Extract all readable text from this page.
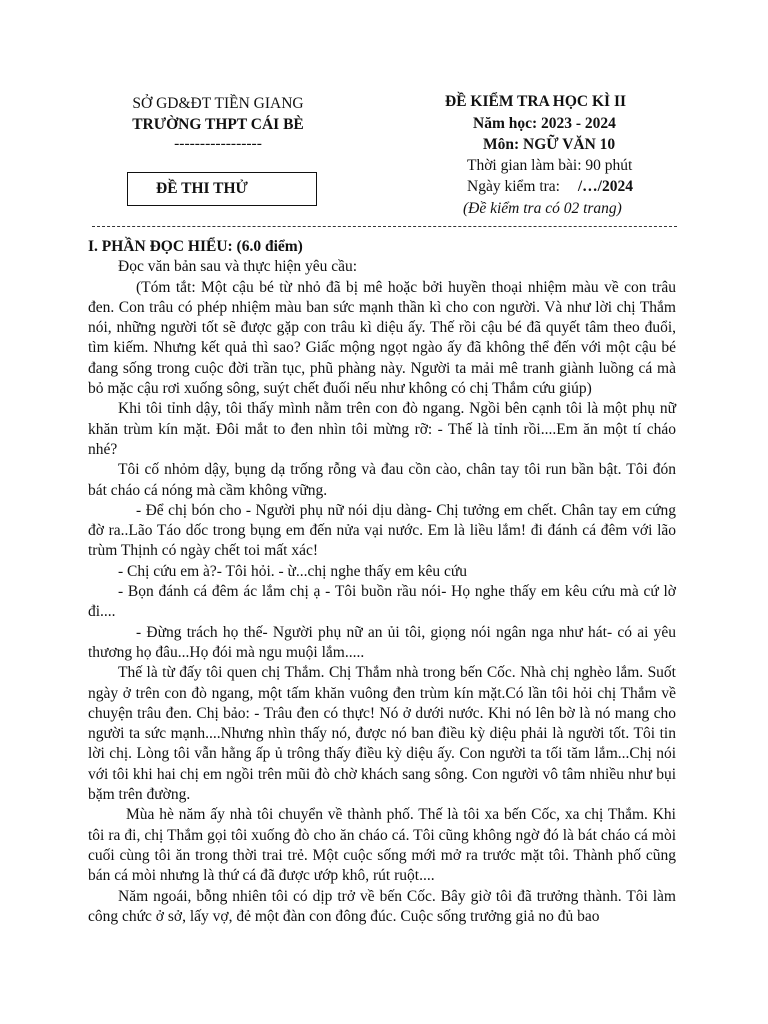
SỞ GD&ĐT TIỀN GIANG
TRƯỜNG THPT CÁI BÈ
-----------------
ĐỀ THI THỬ
ĐỀ KIỂM TRA HỌC KÌ II
Năm học: 2023 - 2024
Môn: NGỮ VĂN 10
Thời gian làm bài: 90 phút
Ngày kiểm tra: /…/2024
(Đề kiểm tra có 02 trang)

I. PHẦN ĐỌC HIỂU: (6.0 điểm)

Đọc văn bản sau và thực hiện yêu cầu:

(Tóm tắt: Một cậu bé từ nhỏ đã bị mê hoặc bởi huyền thoại nhiệm màu về con trâu đen. Con trâu có phép nhiệm màu ban sức mạnh thần kì cho con người. Và như lời chị Thắm nói, những người tốt sẽ được gặp con trâu kì diệu ấy. Thế rồi cậu bé đã quyết tâm theo đuổi, tìm kiếm. Nhưng kết quả thì sao? Giấc mộng ngọt ngào ấy đã không thể đến với một cậu bé đang sống trong cuộc đời trần tục, phũ phàng này. Người ta mải mê tranh giành luồng cá mà bỏ mặc cậu rơi xuống sông, suýt chết đuối nếu như không có chị Thắm cứu giúp)

Khi tôi tỉnh dậy, tôi thấy mình nằm trên con đò ngang. Ngồi bên cạnh tôi là một phụ nữ khăn trùm kín mặt. Đôi mắt to đen nhìn tôi mừng rỡ: - Thế là tỉnh rồi....Em ăn một tí cháo nhé?

Tôi cố nhỏm dậy, bụng dạ trống rỗng và đau cồn cào, chân tay tôi run bần bật. Tôi đón bát cháo cá nóng mà cầm không vững.

- Để chị bón cho - Người phụ nữ nói dịu dàng- Chị tưởng em chết. Chân tay em cứng đờ ra..Lão Táo dốc trong bụng em đến nửa vại nước. Em là liều lắm! đi đánh cá đêm với lão trùm Thịnh có ngày chết toi mất xác!

- Chị cứu em à?- Tôi hỏi. - ừ...chị nghe thấy em kêu cứu

- Bọn đánh cá đêm ác lắm chị ạ - Tôi buồn rầu nói- Họ nghe thấy em kêu cứu mà cứ lờ đi....

- Đừng trách họ thế- Người phụ nữ an ủi tôi, giọng nói ngân nga như hát- có ai yêu thương họ đâu...Họ đói mà ngu muội lắm.....

Thế là từ đấy tôi quen chị Thắm. Chị Thắm nhà trong bến Cốc. Nhà chị nghèo lắm. Suốt ngày ở trên con đò ngang, một tấm khăn vuông đen trùm kín mặt.Có lần tôi hỏi chị Thắm về chuyện trâu đen. Chị bảo: - Trâu đen có thực! Nó ở dưới nước. Khi nó lên bờ là nó mang cho người ta sức mạnh....Nhưng nhìn thấy nó, được nó ban điều kỳ diệu phải là người tốt. Tôi tin lời chị. Lòng tôi vẫn hằng ấp ủ trông thấy điều kỳ diệu ấy. Con người ta tối tăm lắm...Chị nói với tôi khi hai chị em ngồi trên mũi đò chờ khách sang sông. Con người vô tâm nhiều như bụi bặm trên đường.

Mùa hè năm ấy nhà tôi chuyển về thành phố. Thế là tôi xa bến Cốc, xa chị Thắm. Khi tôi ra đi, chị Thắm gọi tôi xuống đò cho ăn cháo cá. Tôi cũng không ngờ đó là bát cháo cá mòi cuối cùng tôi ăn trong thời trai trẻ. Một cuộc sống mới mở ra trước mặt tôi. Thành phố cũng bán cá mòi nhưng là thứ cá đã được ướp khô, rút ruột....

Năm ngoái, bỗng nhiên tôi có dịp trở về bến Cốc. Bây giờ tôi đã trưởng thành. Tôi làm công chức ở sở, lấy vợ, đẻ một đàn con đông đúc. Cuộc sống trưởng giả no đủ bao
